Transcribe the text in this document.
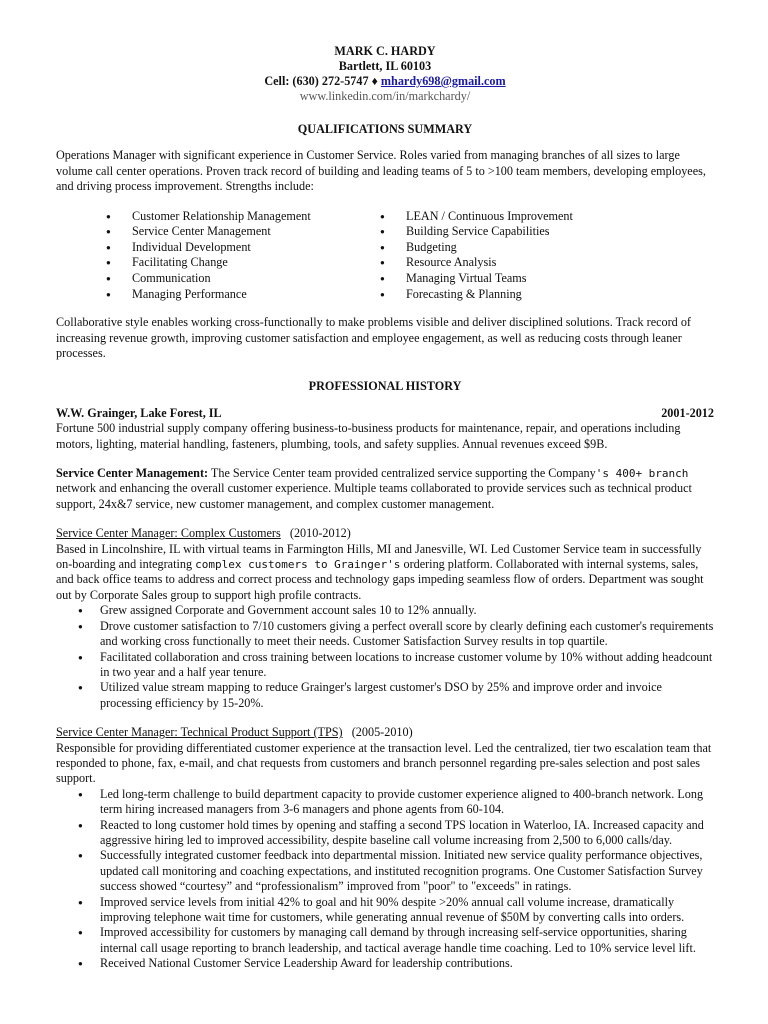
MARK C. HARDY
Bartlett, IL 60103
Cell: (630) 272-5747 ♦ mhardy698@gmail.com
www.linkedin.com/in/markchardy/
QUALIFICATIONS SUMMARY

Operations Manager with significant experience in Customer Service. Roles varied from managing branches of all sizes to large volume call center operations. Proven track record of building and leading teams of 5 to >100 team members, developing employees, and driving process improvement. Strengths include:

● Customer Relationship Management
● Service Center Management
● Individual Development
● Facilitating Change
● Communication
● Managing Performance
● LEAN / Continuous Improvement
● Building Service Capabilities
● Budgeting
● Resource Analysis
● Managing Virtual Teams
● Forecasting & Planning

Collaborative style enables working cross-functionally to make problems visible and deliver disciplined solutions. Track record of increasing revenue growth, improving customer satisfaction and employee engagement, as well as reducing costs through leaner processes.

PROFESSIONAL HISTORY
W.W. Grainger, Lake Forest, IL	2001-2012

Fortune 500 industrial supply company offering business-to-business products for maintenance, repair, and operations including motors, lighting, material handling, fasteners, plumbing, tools, and safety supplies. Annual revenues exceed $9B.

Service Center Management: The Service Center team provided centralized service supporting the Company's 400+ branch network and enhancing the overall customer experience. Multiple teams collaborated to provide services such as technical product support, 24x&7 service, new customer management, and complex customer management.

Service Center Manager: Complex Customers (2010-2012)

Based in Lincolnshire, IL with virtual teams in Farmington Hills, MI and Janesville, WI. Led Customer Service team in successfully on-boarding and integrating complex customers to Grainger's ordering platform. Collaborated with internal systems, sales, and back office teams to address and correct process and technology gaps impeding seamless flow of orders. Department was sought out by Corporate Sales group to support high profile contracts.

● Grew assigned Corporate and Government account sales 10 to 12% annually.
● Drove customer satisfaction to 7/10 customers giving a perfect overall score by clearly defining each customer's requirements and working cross functionally to meet their needs. Customer Satisfaction Survey results in top quartile.
● Facilitated collaboration and cross training between locations to increase customer volume by 10% without adding headcount in two year and a half year tenure.
● Utilized value stream mapping to reduce Grainger's largest customer's DSO by 25% and improve order and invoice processing efficiency by 15-20%.
Service Center Manager: Technical Product Support (TPS) (2005-2010)

Responsible for providing differentiated customer experience at the transaction level. Led the centralized, tier two escalation team that responded to phone, fax, e-mail, and chat requests from customers and branch personnel regarding pre-sales selection and post sales support.

● Led long-term challenge to build department capacity to provide customer experience aligned to 400-branch network. Long term hiring increased managers from 3-6 managers and phone agents from 60-104.
● Reacted to long customer hold times by opening and staffing a second TPS location in Waterloo, IA. Increased capacity and aggressive hiring led to improved accessibility, despite baseline call volume increasing from 2,500 to 6,000 calls/day.
● Successfully integrated customer feedback into departmental mission. Initiated new service quality performance objectives, updated call monitoring and coaching expectations, and instituted recognition programs. One Customer Satisfaction Survey success showed “courtesy” and “professionalism” improved from "poor" to "exceeds" in ratings.
● Improved service levels from initial 42% to goal and hit 90% despite >20% annual call volume increase, dramatically improving telephone wait time for customers, while generating annual revenue of $50M by converting calls into orders.
● Improved accessibility for customers by managing call demand by through increasing self-service opportunities, sharing internal call usage reporting to branch leadership, and tactical average handle time coaching. Led to 10% service level lift.
● Received National Customer Service Leadership Award for leadership contributions.
